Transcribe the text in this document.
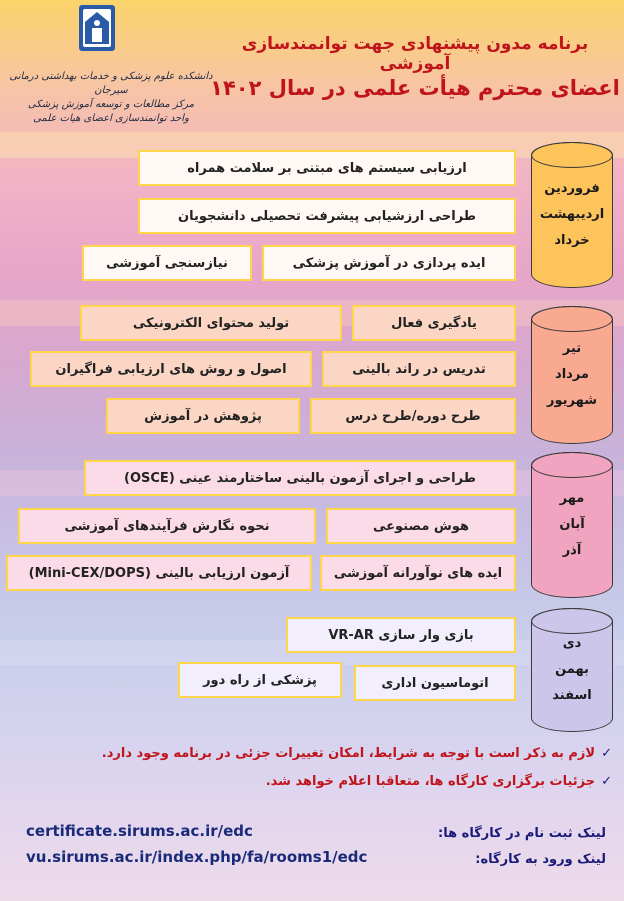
دانشکده علوم پزشکی و خدمات بهداشتی درمانی سیرجان
مرکز مطالعات و توسعه آموزش پزشکی
واحد توانمندسازی اعضای هیات علمی
برنامه مدون پیشنهادی جهت توانمندسازی آموزشی
اعضای محترم هیأت علمی در سال ۱۴۰۲
فروردین
اردیبهشت
خرداد
تیر
مرداد
شهریور
مهر
آبان
آذر
دی
بهمن
اسفند
ارزیابی سیستم های مبتنی بر سلامت همراه
طراحی ارزشیابی پیشرفت تحصیلی دانشجویان
ایده پردازی در آموزش پزشکی
نیازسنجی آموزشی
یادگیری فعال
تولید محتوای الکترونیکی
تدریس در راند بالینی
اصول و روش های ارزیابی فراگیران
طرح دوره/طرح درس
پژوهش در آموزش
طراحی و اجرای آزمون بالینی ساختارمند عینی (OSCE)
هوش مصنوعی
نحوه نگارش فرآیندهای آموزشی
ایده های نوآورانه آموزشی
آزمون ارزیابی بالینی (Mini-CEX/DOPS)
بازی وار سازی VR-AR
اتوماسیون اداری
پزشکی از راه دور
✓لازم به ذکر است با توجه به شرایط، امکان تغییرات جزئی در برنامه وجود دارد.
✓جزئیات برگزاری کارگاه ها، متعاقبا اعلام خواهد شد.
لینک ثبت نام در کارگاه ها:
certificate.sirums.ac.ir/edc
لینک ورود به کارگاه:
vu.sirums.ac.ir/index.php/fa/rooms1/edc
